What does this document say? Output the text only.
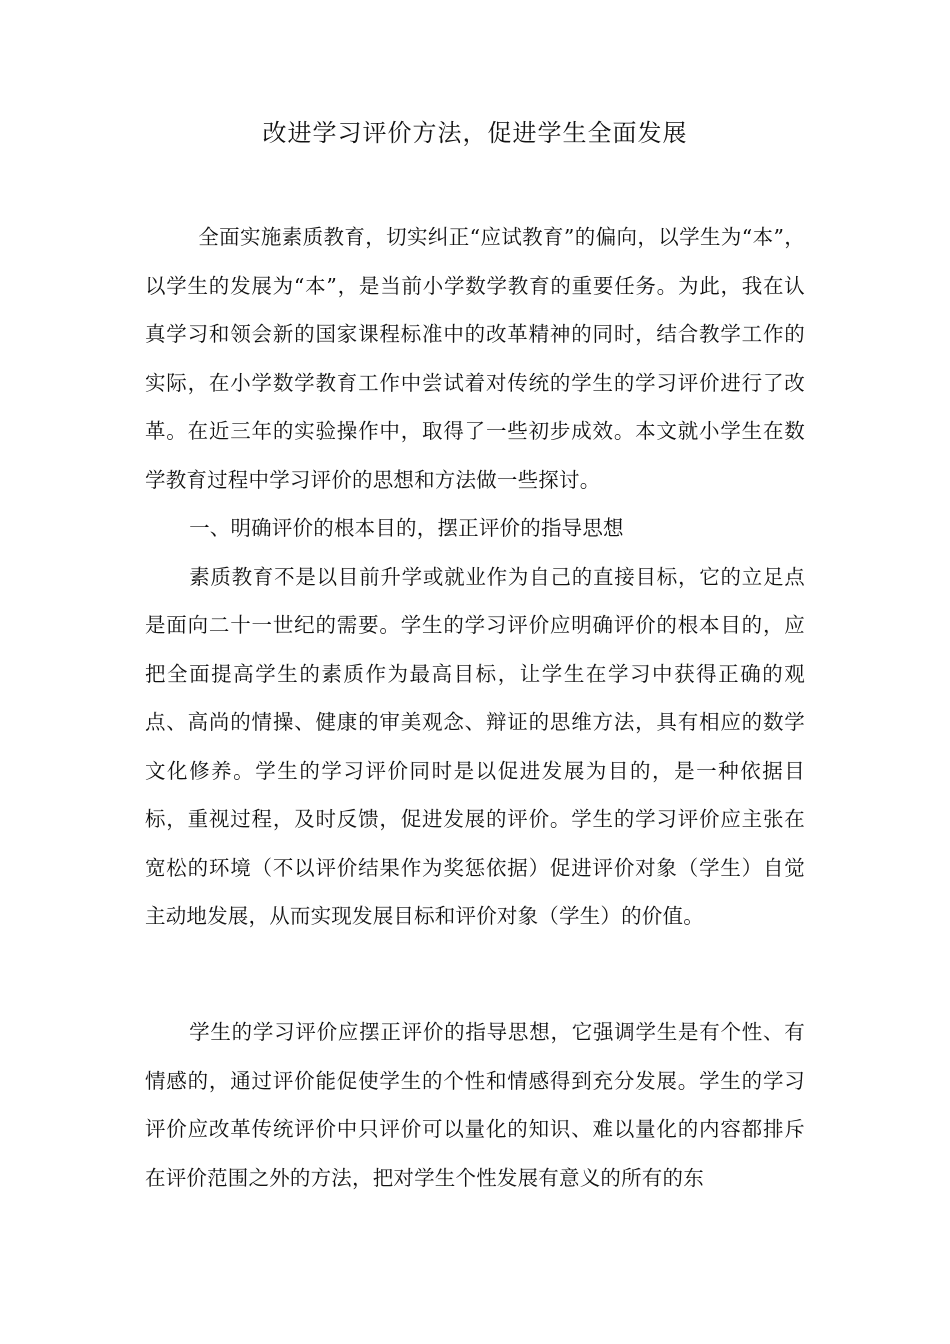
改进学习评价方法，促进学生全面发展

全面实施素质教育，切实纠正“应试教育”的偏向，以学生为“本”，以学生的发展为“本”，是当前小学数学教育的重要任务。为此，我在认真学习和领会新的国家课程标准中的改革精神的同时，结合教学工作的实际，在小学数学教育工作中尝试着对传统的学生的学习评价进行了改革。在近三年的实验操作中，取得了一些初步成效。本文就小学生在数学教育过程中学习评价的思想和方法做一些探讨。

一、明确评价的根本目的，摆正评价的指导思想

素质教育不是以目前升学或就业作为自己的直接目标，它的立足点是面向二十一世纪的需要。学生的学习评价应明确评价的根本目的，应把全面提高学生的素质作为最高目标，让学生在学习中获得正确的观点、高尚的情操、健康的审美观念、辩证的思维方法，具有相应的数学文化修养。学生的学习评价同时是以促进发展为目的，是一种依据目标，重视过程，及时反馈，促进发展的评价。学生的学习评价应主张在宽松的环境（不以评价结果作为奖惩依据）促进评价对象（学生）自觉主动地发展，从而实现发展目标和评价对象（学生）的价值。

学生的学习评价应摆正评价的指导思想，它强调学生是有个性、有情感的，通过评价能促使学生的个性和情感得到充分发展。学生的学习评价应改革传统评价中只评价可以量化的知识、难以量化的内容都排斥在评价范围之外的方法，把对学生个性发展有意义的所有的东
